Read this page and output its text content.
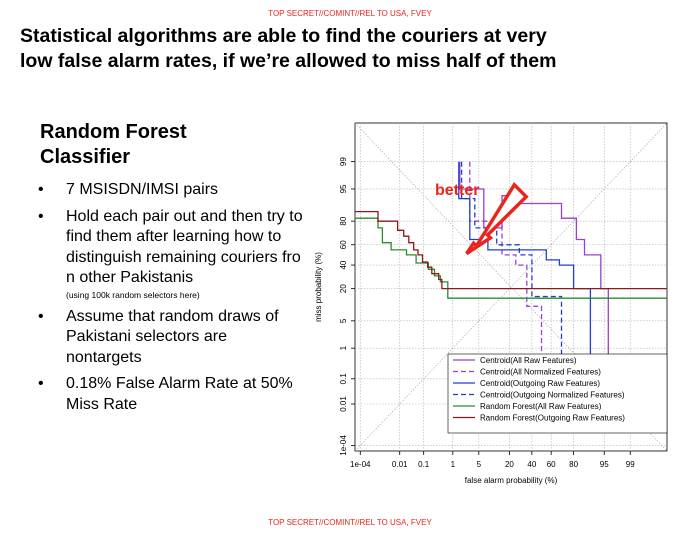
TOP SECRET//COMINT//REL TO USA, FVEY
Statistical algorithms are able to find the couriers at very
low false alarm rates, if we’re allowed to miss half of them
Random Forest
Classifier
• 7 MSISDN/IMSI pairs
• Hold each pair out and then try to find them after learning how to distinguish remaining couriers fro n other Pakistanis
(using 100k random selectors here)
• Assume that random draws of Pakistani selectors are nontargets
• 0.18% False Alarm Rate at 50% Miss Rate
1e-04
1e-04
0.01
0.01
0.1
0.1
1
1
5
5
20
20
40
40
60
60
80
80
95
95
99
99
false alarm probability (%)
miss probability (%)
better
Centroid(All Raw Features)
Centroid(All Normalized Features)
Centroid(Outgoing Raw Features)
Centroid(Outgoing Normalized Features)
Random Forest(All Raw Features)
Random Forest(Outgoing Raw Features)
TOP SECRET//COMINT//REL TO USA, FVEY
